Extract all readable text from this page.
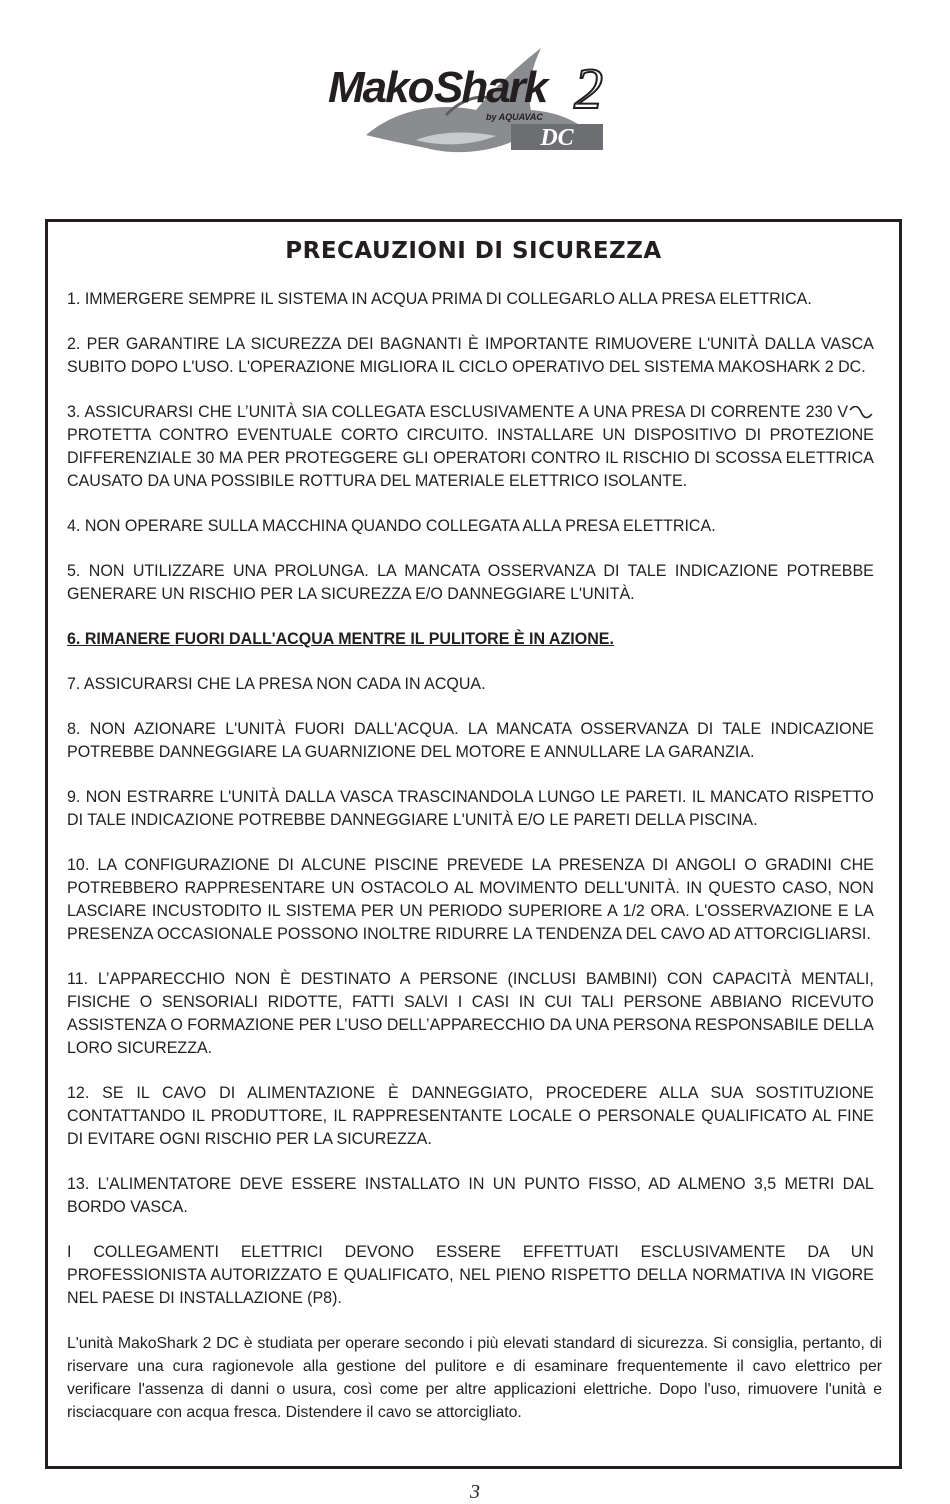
DC
Mako Shark 2
by AQUAVAC
PRECAUZIONI DI SICUREZZA

1. IMMERGERE SEMPRE IL SISTEMA IN ACQUA PRIMA DI COLLEGARLO ALLA PRESA ELETTRICA.

2. PER GARANTIRE LA SICUREZZA DEI BAGNANTI È IMPORTANTE RIMUOVERE L'UNITÀ DALLA VASCA SUBITO DOPO L'USO. L'OPERAZIONE MIGLIORA IL CICLO OPERATIVO DEL SISTEMA MAKOSHARK 2 DC.

3. ASSICURARSI CHE L’UNITÀ SIA COLLEGATA ESCLUSIVAMENTE A UNA PRESA DI CORRENTE 230 V PROTETTA CONTRO EVENTUALE CORTO CIRCUITO. INSTALLARE UN DISPOSITIVO DI PROTEZIONE DIFFERENZIALE 30 MA PER PROTEGGERE GLI OPERATORI CONTRO IL RISCHIO DI SCOSSA ELETTRICA CAUSATO DA UNA POSSIBILE ROTTURA DEL MATERIALE ELETTRICO ISOLANTE.

4. NON OPERARE SULLA MACCHINA QUANDO COLLEGATA ALLA PRESA ELETTRICA.

5. NON UTILIZZARE UNA PROLUNGA. LA MANCATA OSSERVANZA DI TALE INDICAZIONE POTREBBE GENERARE UN RISCHIO PER LA SICUREZZA E/O DANNEGGIARE L'UNITÀ.

6. RIMANERE FUORI DALL'ACQUA MENTRE IL PULITORE È IN AZIONE.

7. ASSICURARSI CHE LA PRESA NON CADA IN ACQUA.

8. NON AZIONARE L'UNITÀ FUORI DALL'ACQUA. LA MANCATA OSSERVANZA DI TALE INDICAZIONE POTREBBE DANNEGGIARE LA GUARNIZIONE DEL MOTORE E ANNULLARE LA GARANZIA.

9. NON ESTRARRE L'UNITÀ DALLA VASCA TRASCINANDOLA LUNGO LE PARETI. IL MANCATO RISPETTO DI TALE INDICAZIONE POTREBBE DANNEGGIARE L'UNITÀ E/O LE PARETI DELLA PISCINA.

10. LA CONFIGURAZIONE DI ALCUNE PISCINE PREVEDE LA PRESENZA DI ANGOLI O GRADINI CHE POTREBBERO RAPPRESENTARE UN OSTACOLO AL MOVIMENTO DELL'UNITÀ. IN QUESTO CASO, NON LASCIARE INCUSTODITO IL SISTEMA PER UN PERIODO SUPERIORE A 1/2 ORA. L'OSSERVAZIONE E LA PRESENZA OCCASIONALE POSSONO INOLTRE RIDURRE LA TENDENZA DEL CAVO AD ATTORCIGLIARSI.

11. L’APPARECCHIO NON È DESTINATO A PERSONE (INCLUSI BAMBINI) CON CAPACITÀ MENTALI, FISICHE O SENSORIALI RIDOTTE, FATTI SALVI I CASI IN CUI TALI PERSONE ABBIANO RICEVUTO ASSISTENZA O FORMAZIONE PER L’USO DELL’APPARECCHIO DA UNA PERSONA RESPONSABILE DELLA LORO SICUREZZA.

12. SE IL CAVO DI ALIMENTAZIONE È DANNEGGIATO, PROCEDERE ALLA SUA SOSTITUZIONE CONTATTANDO IL PRODUTTORE, IL RAPPRESENTANTE LOCALE O PERSONALE QUALIFICATO AL FINE DI EVITARE OGNI RISCHIO PER LA SICUREZZA.

13. L’ALIMENTATORE DEVE ESSERE INSTALLATO IN UN PUNTO FISSO, AD ALMENO 3,5 METRI DAL BORDO VASCA.

I COLLEGAMENTI ELETTRICI DEVONO ESSERE EFFETTUATI ESCLUSIVAMENTE DA UN PROFESSIONISTA AUTORIZZATO E QUALIFICATO, NEL PIENO RISPETTO DELLA NORMATIVA IN VIGORE NEL PAESE DI INSTALLAZIONE (P8).

L'unità MakoShark 2 DC è studiata per operare secondo i più elevati standard di sicurezza. Si consiglia, pertanto, di riservare una cura ragionevole alla gestione del pulitore e di esaminare frequentemente il cavo elettrico per verificare l'assenza di danni o usura, così come per altre applicazioni elettriche. Dopo l'uso, rimuovere l'unità e risciacquare con acqua fresca. Distendere il cavo se attorcigliato.

3
